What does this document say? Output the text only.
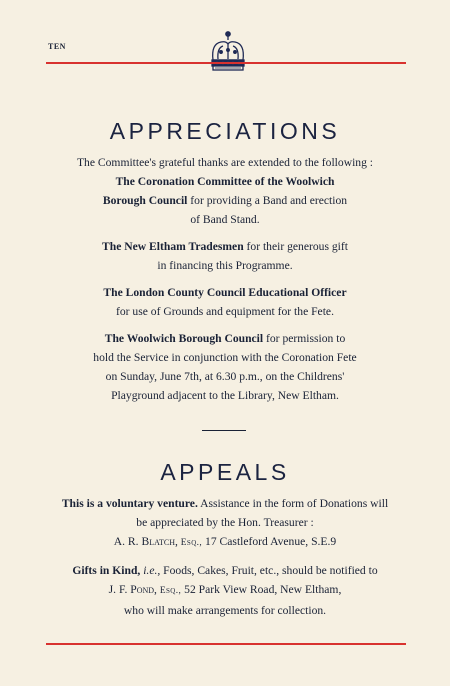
TEN
APPRECIATIONS
The Committee's grateful thanks are extended to the following :
The Coronation Committee of the Woolwich
Borough Council for providing a Band and erection
of Band Stand.
The New Eltham Tradesmen for their generous gift
in financing this Programme.
The London County Council Educational Officer
for use of Grounds and equipment for the Fete.
The Woolwich Borough Council for permission to
hold the Service in conjunction with the Coronation Fete
on Sunday, June 7th, at 6.30 p.m., on the Childrens'
Playground adjacent to the Library, New Eltham.
APPEALS
This is a voluntary venture. Assistance in the form of Donations will
be appreciated by the Hon. Treasurer :
A. R. Blatch, Esq., 17 Castleford Avenue, S.E.9
Gifts in Kind, i.e., Foods, Cakes, Fruit, etc., should be notified to
J. F. Pond, Esq., 52 Park View Road, New Eltham,
who will make arrangements for collection.
